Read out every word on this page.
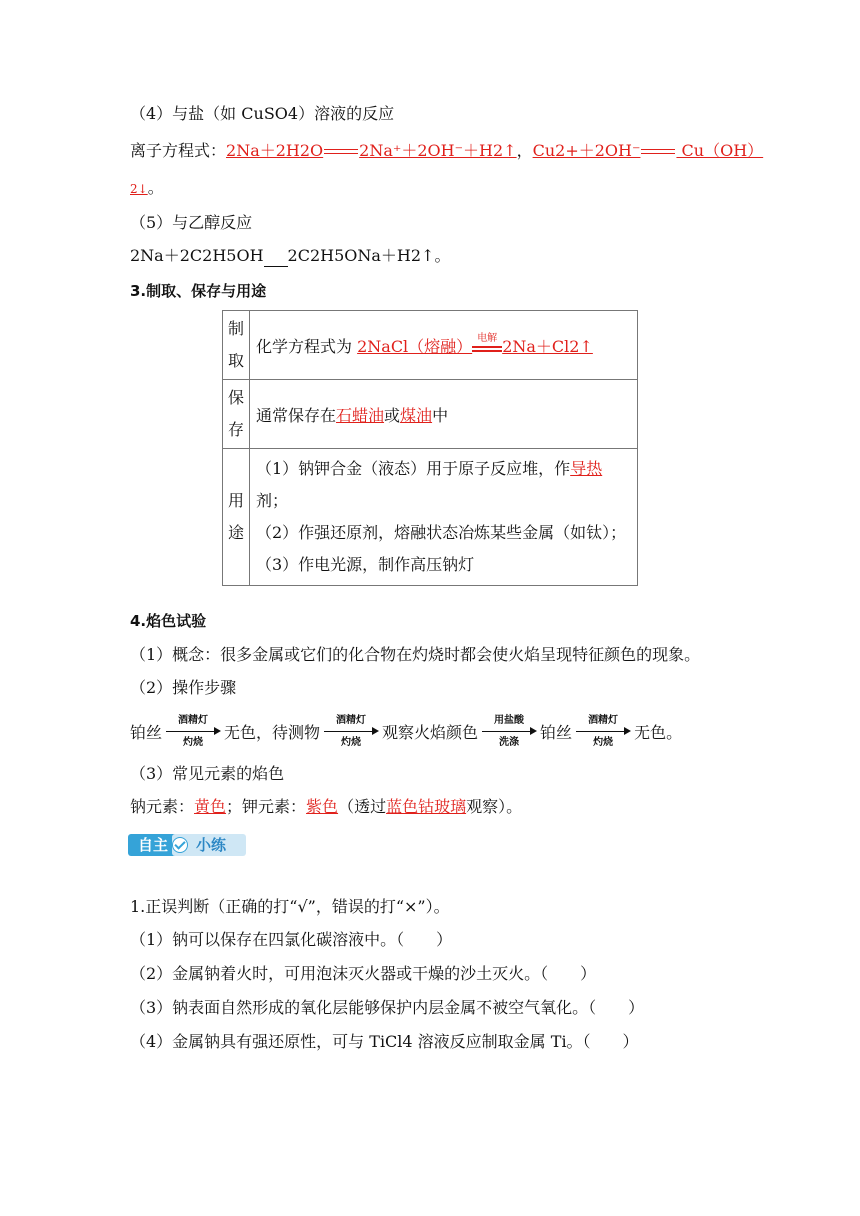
（4）与盐（如 CuSO4）溶液的反应
离子方程式：2Na＋2H2O 2Na⁺＋2OH⁻＋H2↑，Cu2+＋2OH⁻ Cu（OH）
2↓。
（5）与乙醇反应
2Na＋2C2H5OH 2C2H5ONa＋H2↑。
3.制取、保存与用途
制取	化学方程式为 2NaCl（熔融） 电解 2Na＋Cl2↑
保存	通常保存在石蜡油或煤油中
用途	（1）钠钾合金（液态）用于原子反应堆，作导热
剂；
（2）作强还原剂，熔融状态冶炼某些金属（如钛）；
（3）作电光源，制作高压钠灯
4.焰色试验
（1）概念：很多金属或它们的化合物在灼烧时都会使火焰呈现特征颜色的现象。
（2）操作步骤
铂丝
酒精灯
灼烧	无色，待测物
酒精灯
灼烧	观察火焰颜色
用盐酸
洗涤	铂丝
酒精灯
灼烧	无色。
（3）常见元素的焰色
钠元素：黄色；钾元素：紫色（透过蓝色钴玻璃观察）。
自主	小练
1.正误判断（正确的打“√”，错误的打“×”）。
（1）钠可以保存在四氯化碳溶液中。（　　）
（2）金属钠着火时，可用泡沫灭火器或干燥的沙土灭火。（　　）
（3）钠表面自然形成的氧化层能够保护内层金属不被空气氧化。（　　）
（4）金属钠具有强还原性，可与 TiCl4 溶液反应制取金属 Ti。（　　）
